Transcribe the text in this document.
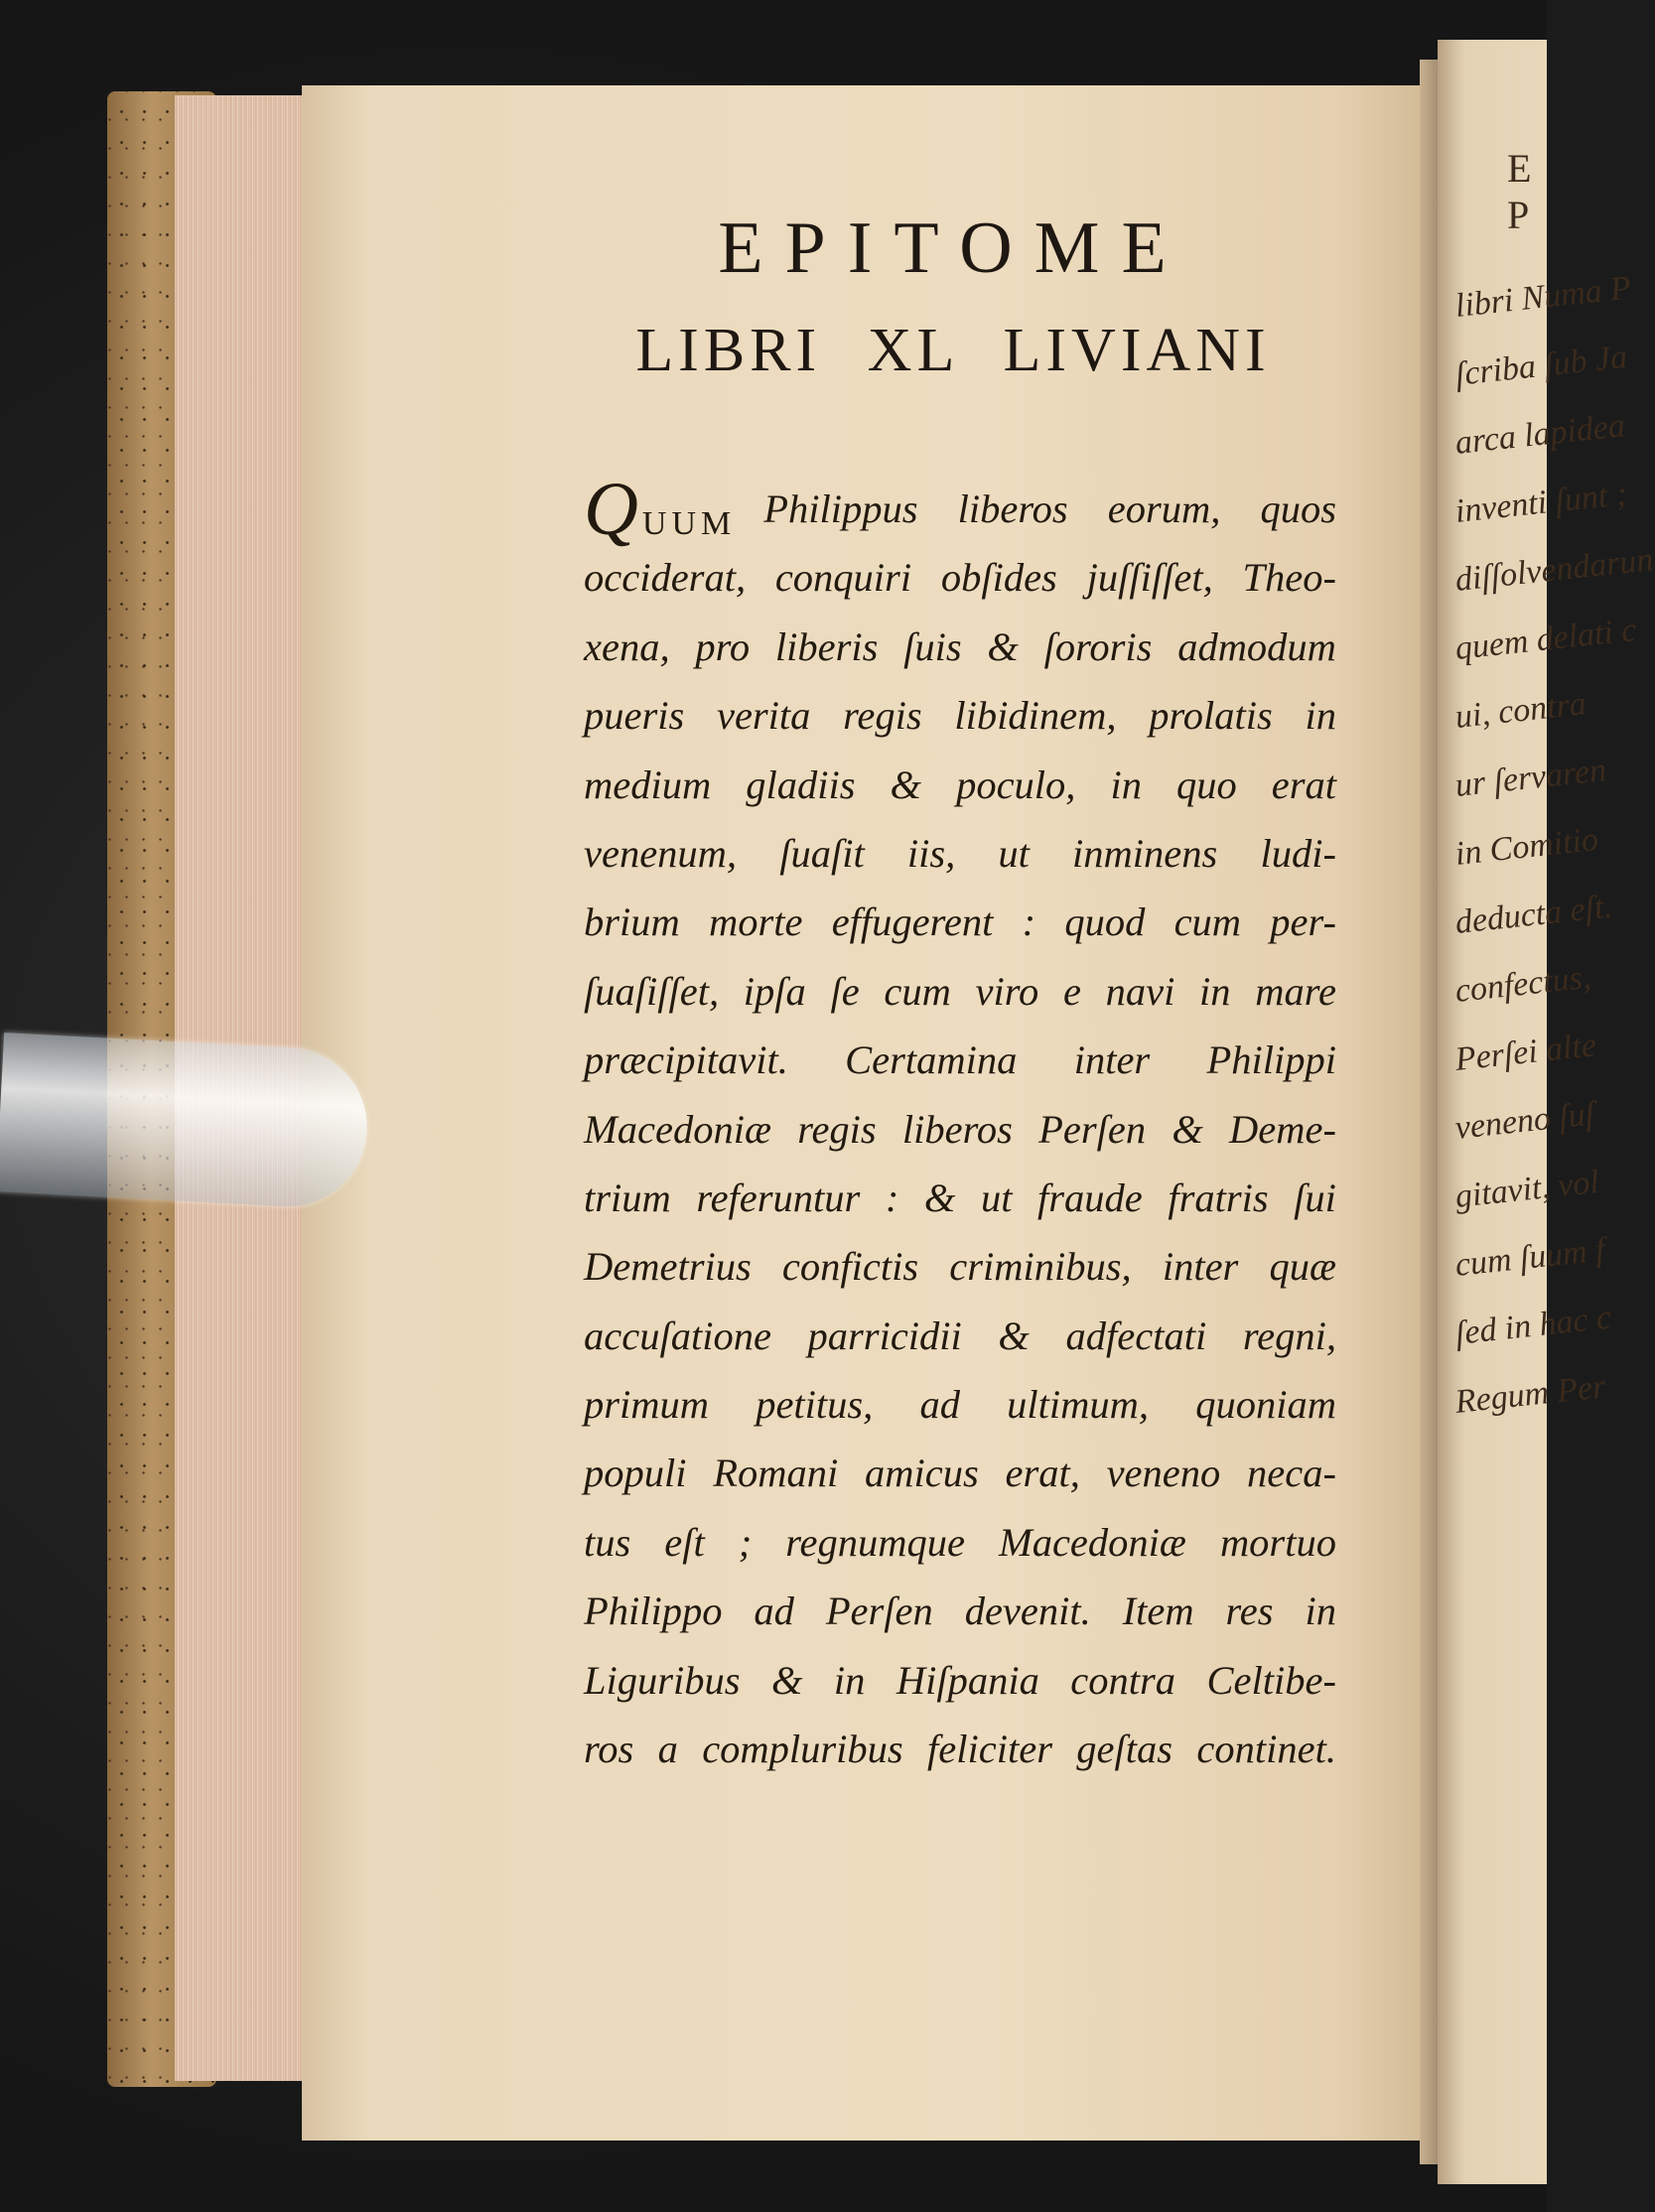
E P
libri Numa P
ſcriba ſub Ja
arca lapidea
inventi ſunt ;
diſſolvendarun
quem delati c
ui, contra
ur ſervaren
in Comitio
deducta eſt.
confectus,
Perſei alte
veneno ſuſ
gitavit, vol
cum ſuum f
ſed in hac c
Regum Per
EPITOME
LIBRI XL LIVIANI
QUUM Philippus liberos eorum, quos
occiderat, conquiri obſides juſſiſſet, Theo-
xena, pro liberis ſuis & ſororis admodum
pueris verita regis libidinem, prolatis in
medium gladiis & poculo, in quo erat
venenum, ſuaſit iis, ut inminens ludi-
brium morte effugerent : quod cum per-
ſuaſiſſet, ipſa ſe cum viro e navi in mare
præcipitavit. Certamina inter Philippi
Macedoniæ regis liberos Perſen & Deme-
trium referuntur : & ut fraude fratris ſui
Demetrius confictis criminibus, inter quæ
accuſatione parricidii & adfectati regni,
primum petitus, ad ultimum, quoniam
populi Romani amicus erat, veneno neca-
tus eſt ; regnumque Macedoniæ mortuo
Philippo ad Perſen devenit. Item res in
Liguribus & in Hiſpania contra Celtibe-
ros a compluribus feliciter geſtas continet.
